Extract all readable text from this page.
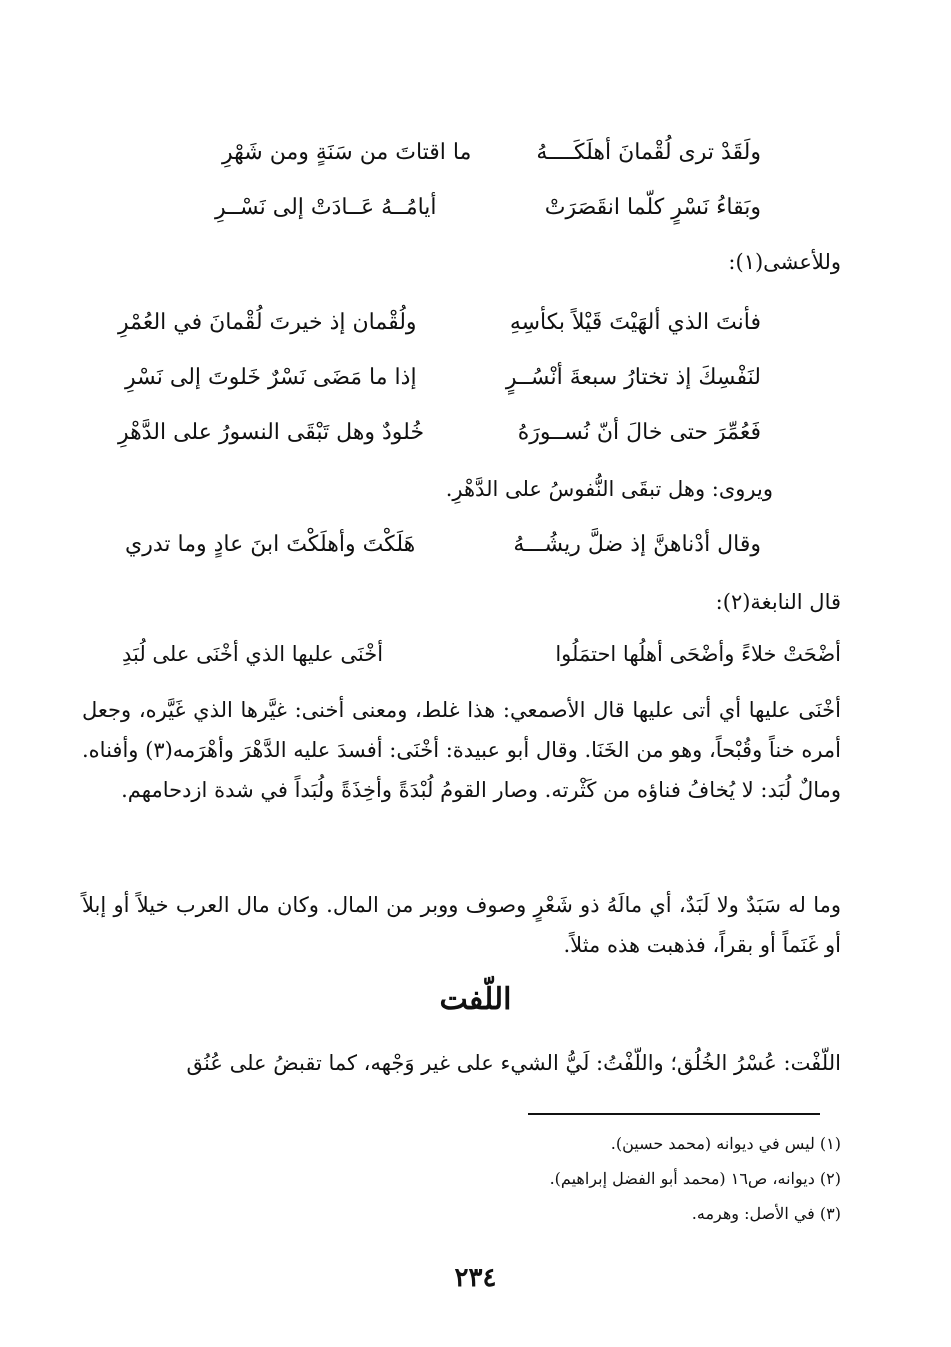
ولَقَدْ ترى لُقْمانَ أهلَكَــــهُ
ما اقتاتَ من سَنَةٍ ومن شَهْرِ
وبَقاءُ نَسْرٍ كلّما انقَصَرَتْ
أيامُــهُ عَــادَتْ إلى نَسْــرِ
وللأعشى(١):
فأنتَ الذي ألهَيْتَ قَيْلاً بكأسِهِ
ولُقْمان إذ خيرتَ لُقْمانَ في العُمْرِ
لنَفْسِكَ إذ تختارُ سبعةَ أنْسُــرٍ
إذا ما مَضَى نَسْرٌ خَلوتَ إلى نَسْرِ
فَعُمِّرَ حتى خالَ أنّ نُســورَهُ
خُلودٌ وهل تَبْقَى النسورُ على الدَّهْرِ
ويروى: وهل تبقَى النُّفوسُ على الدَّهْرِ.
وقال أدْناهنَّ إذ ضلَّ ريشُـــهُ
هَلَكْتَ وأهلَكْتَ ابنَ عادٍ وما تدري
قال النابغة(٢):
أضْحَتْ خلاءً وأضْحَى أهلُها احتمَلُوا
أخْنَى عليها الذي أخْنَى على لُبَدِ
أخْنَى عليها أي أتى عليها قال الأصمعي: هذا غلط، ومعنى أخنى: غيَّرها الذي غَيَّره، وجعل أمره خناً وقُبْحاً، وهو من الخَنَا. وقال أبو عبيدة: أخْنَى: أفسدَ عليه الدَّهْرَ وأهْرَمه(٣) وأفناه. ومالٌ لُبَد: لا يُخافُ فناؤه من كَثْرته. وصار القومُ لُبْدَةً وأخِذَةً ولُبَداً في شدة ازدحامهم.
وما له سَبَدٌ ولا لَبَدٌ، أي مالَهُ ذو شَعْرٍ وصوف ووبر من المال. وكان مال العرب خيلاً أو إبلاً أو غَنَماً أو بقراً، فذهبت هذه مثلاً.
اللّفت
اللّفْت: عُسْرُ الخُلُق؛ واللّفْتُ: لَيُّ الشيء على غير وَجْهه، كما تقبضُ على عُنُق
(١) ليس في ديوانه (محمد حسين).
(٢) ديوانه، ص١٦ (محمد أبو الفضل إبراهيم).
(٣) في الأصل: وهرمه.
٢٣٤
